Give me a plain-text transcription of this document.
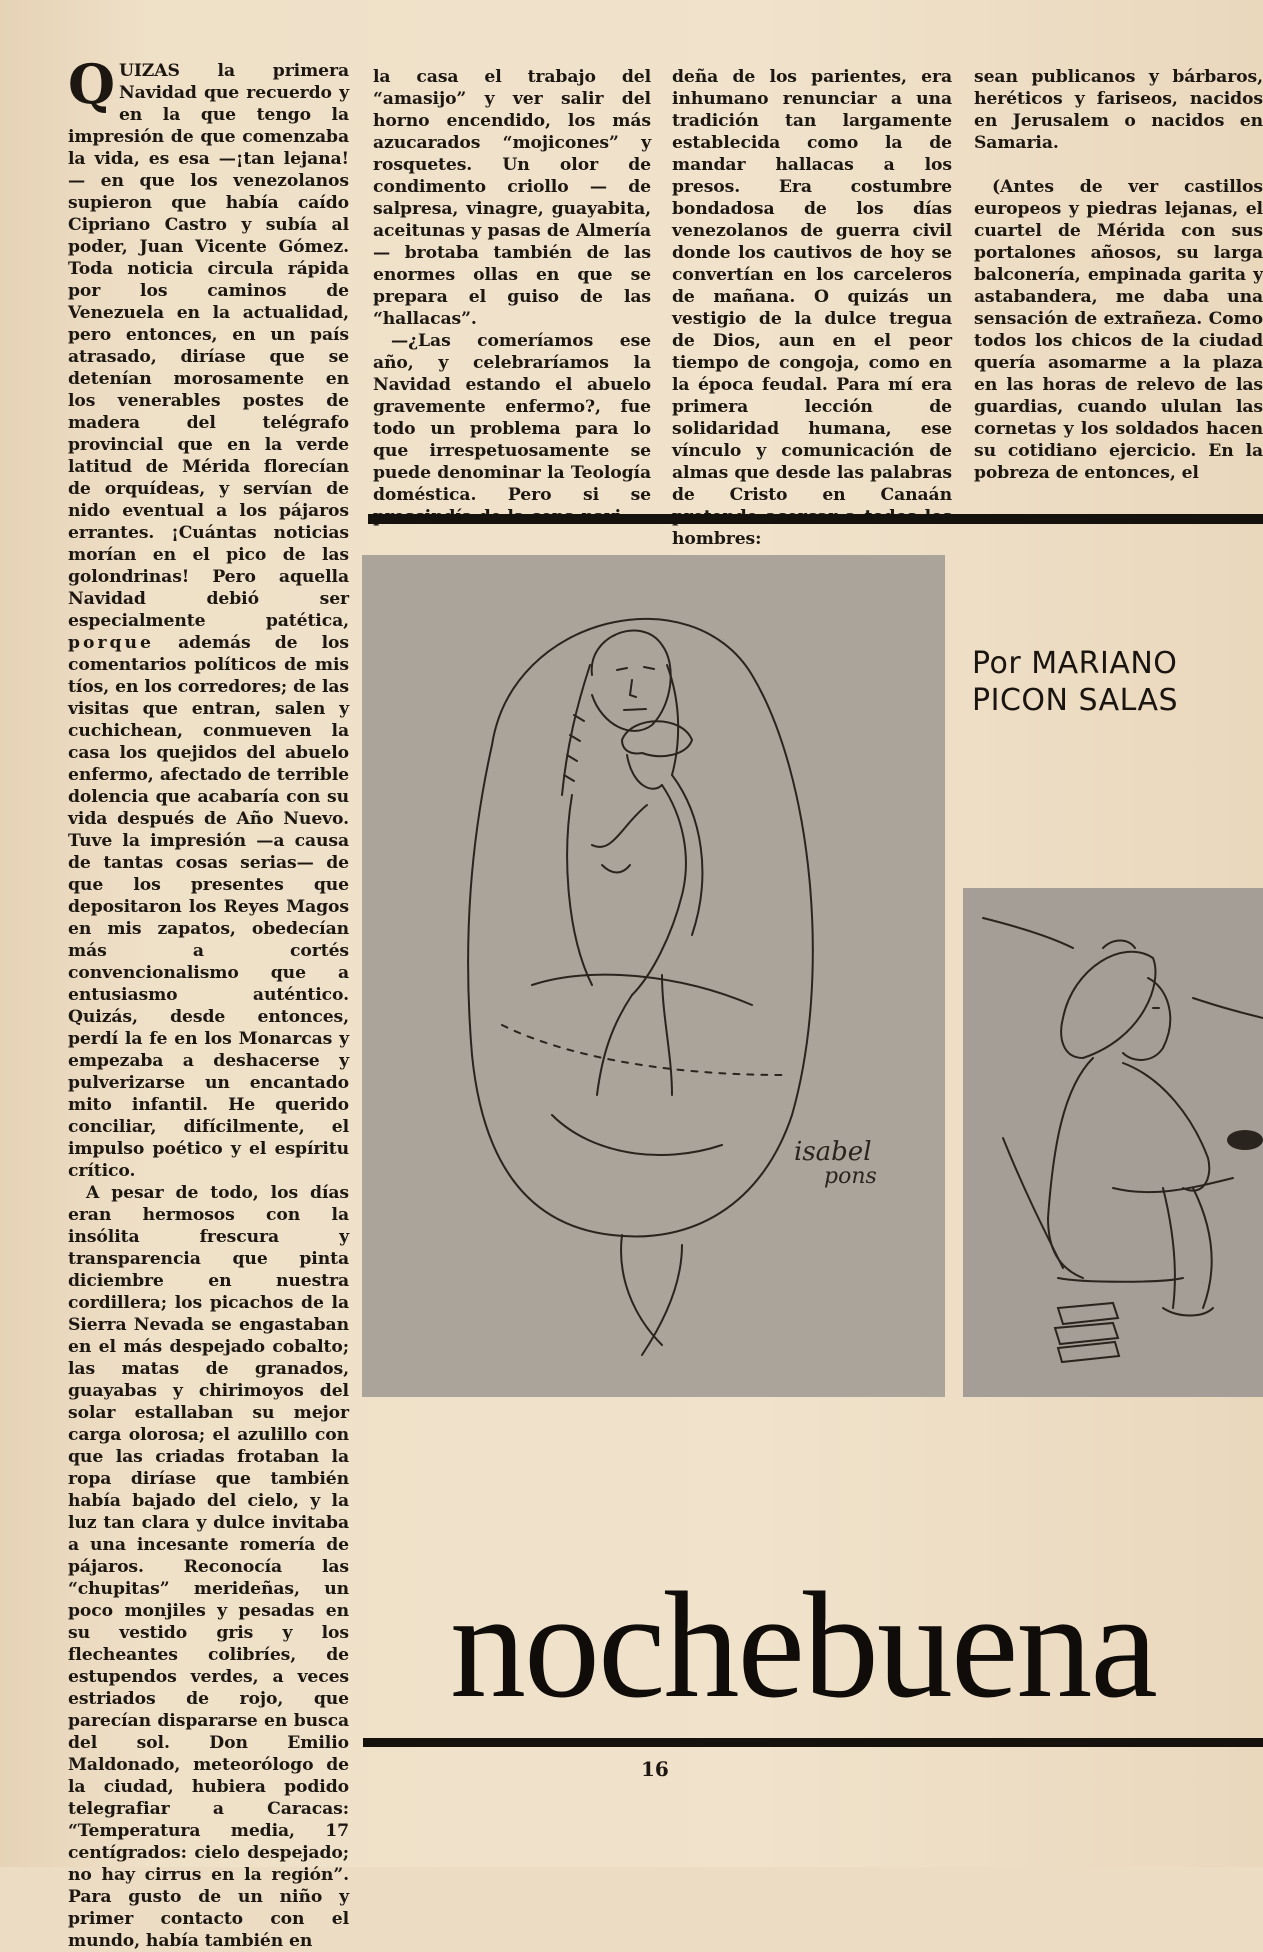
QUIZAS la primera Navidad que recuerdo y en la que tengo la impresión de que comenzaba la vida, es esa —¡tan lejana!— en que los venezolanos supieron que había caído Cipriano Castro y subía al poder, Juan Vicente Gómez. Toda noticia circula rápida por los caminos de Venezuela en la actualidad, pero entonces, en un país atrasado, diríase que se detenían morosamente en los venerables postes de madera del telégrafo provincial que en la verde latitud de Mérida florecían de orquídeas, y servían de nido eventual a los pájaros errantes. ¡Cuántas noticias morían en el pico de las golondrinas! Pero aquella Navidad debió ser especialmente patética, porque además de los comentarios políticos de mis tíos, en los corredores; de las visitas que entran, salen y cuchichean, conmueven la casa los quejidos del abuelo enfermo, afectado de terrible dolencia que acabaría con su vida después de Año Nuevo. Tuve la impresión —a causa de tantas cosas serias— de que los presentes que depositaron los Reyes Magos en mis zapatos, obedecían más a cortés convencionalismo que a entusiasmo auténtico. Quizás, desde entonces, perdí la fe en los Monarcas y empezaba a deshacerse y pulverizarse un encantado mito infantil. He querido conciliar, difícilmente, el impulso poético y el espíritu crítico.

A pesar de todo, los días eran hermosos con la insólita frescura y transparencia que pinta diciembre en nuestra cordillera; los picachos de la Sierra Nevada se engastaban en el más despejado cobalto; las matas de granados, guayabas y chirimoyos del solar estallaban su mejor carga olorosa; el azulillo con que las criadas frotaban la ropa diríase que también había bajado del cielo, y la luz tan clara y dulce invitaba a una incesante romería de pájaros. Reconocía las “chupitas” merideñas, un poco monjiles y pesadas en su vestido gris y los flecheantes colibríes, de estupendos verdes, a veces estriados de rojo, que parecían dispararse en busca del sol. Don Emilio Maldonado, meteorólogo de la ciudad, hubiera podido telegrafiar a Caracas: “Temperatura media, 17 centígrados: cielo despejado; no hay cirrus en la región”. Para gusto de un niño y primer contacto con el mundo, había también en

la casa el trabajo del “amasijo” y ver salir del horno encendido, los más azucarados “mojicones” y rosquetes. Un olor de condimento criollo — de salpresa, vinagre, guayabita, aceitunas y pasas de Almería— brotaba también de las enormes ollas en que se prepara el guiso de las “hallacas”.

—¿Las comeríamos ese año, y celebraríamos la Navidad estando el abuelo gravemente enfermo?, fue todo un problema para lo que irrespetuosamente se puede denominar la Teología doméstica. Pero si se

deña de los parientes, era inhumano renunciar a una tradición tan largamente establecida como la de mandar hallacas a los presos. Era costumbre bondadosa de los días venezolanos de guerra civil donde los cautivos de hoy se convertían en los carceleros de mañana. O quizás un vestigio de la dulce tregua de Dios, aun en el peor tiempo de congoja, como en la época feudal. Para mí era primera lección de solidaridad humana, ese vínculo y comunicación de almas que desde las palabras de Cristo en Canaán hombres:

sean publicanos y bárbaros, heréticos y fariseos, nacidos en Jerusalem o nacidos en Samaria.

(Antes de ver castillos europeos y piedras lejanas, el cuartel de Mérida con sus portalones añosos, su larga balconería, empinada garita y astabandera, me daba una sensación de extrañeza. Como todos los chicos de la ciudad quería asomarme a la plaza en las horas de relevo de las guardias, cuando ululan las cornetas y los soldados hacen su cotidiano ejercicio. En la pobreza de entonces, el

isabel
pons
Por MARIANO
PICON SALAS
nochebuena
16
